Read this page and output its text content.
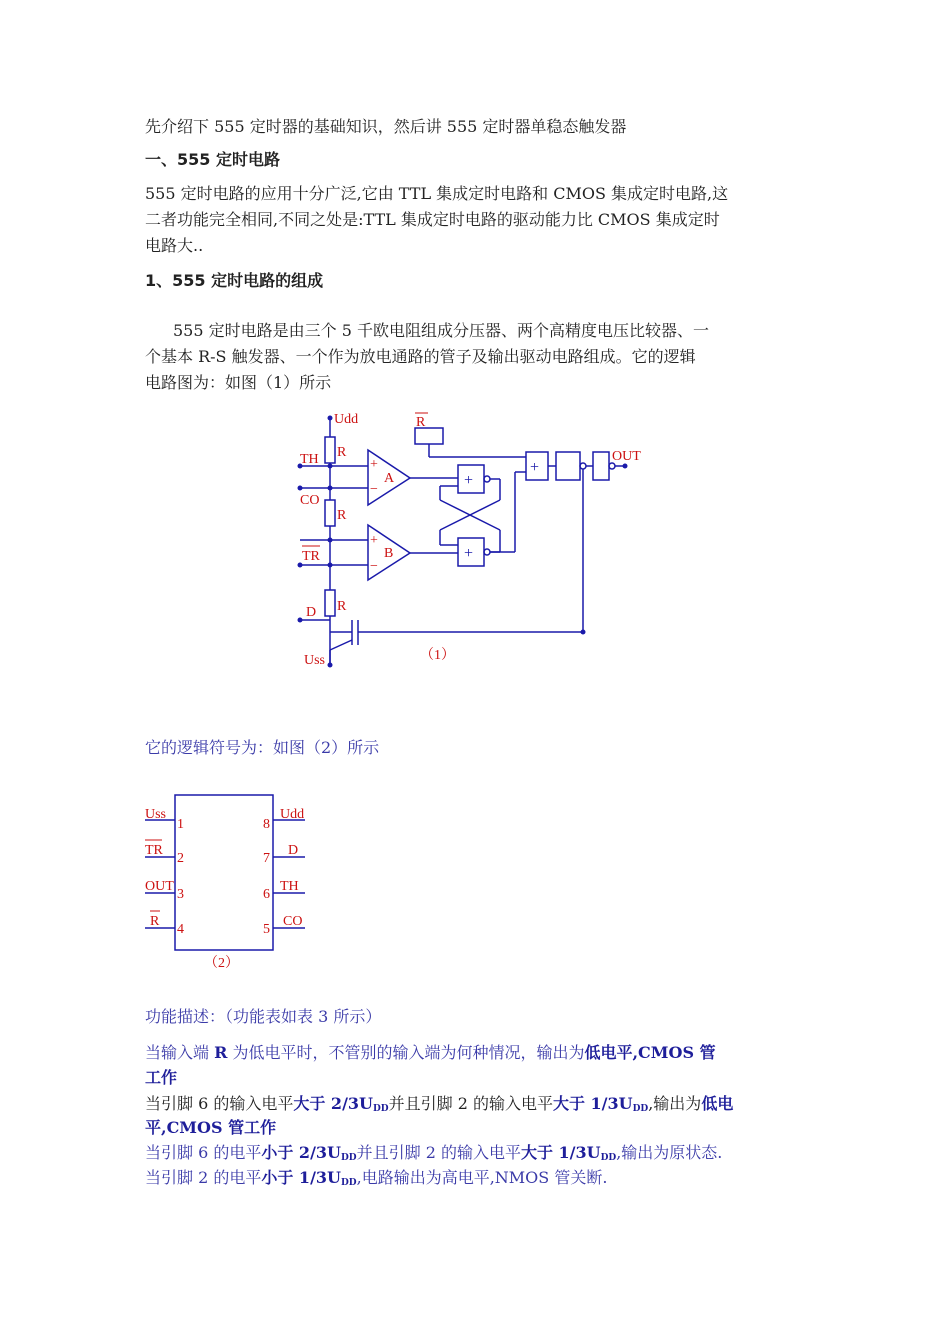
先介绍下 555 定时器的基础知识，然后讲 555 定时器单稳态触发器
一、555 定时电路
555 定时电路的应用十分广泛,它由 TTL 集成定时电路和 CMOS 集成定时电路,这
二者功能完全相同,不同之处是:TTL 集成定时电路的驱动能力比 CMOS 集成定时
电路大..
1、555 定时电路的组成
555 定时电路是由三个 5 千欧电阻组成分压器、两个高精度电压比较器、一
个基本 R-S 触发器、一个作为放电通路的管子及输出驱动电路组成。它的逻辑
电路图为：如图（1）所示
Udd	R
R
TH
CO
R
TR
R
D
Uss
OUT
A
B
+
−
+
−
（1）
+
+
+
它的逻辑符号为：如图（2）所示
Uss
TR
OUT
R
Udd
D
TH
CO
1
2
3
4
8
7
6
5
（2）
功能描述：（功能表如表 3 所示）
当输入端 R 为低电平时，不管别的输入端为何种情况，输出为低电平,CMOS 管
工作
当引脚 6 的输入电平大于 $2/3U_{DD}$并且引脚 2 的输入电平大于 $1/3U_{DD}$,输出为低电
平,CMOS 管工作
当引脚 6 的电平小于 $2/3U_{DD}$并且引脚 2 的输入电平大于 $1/3U_{DD}$,输出为原状态.
当引脚 2 的电平小于 $1/3U_{DD}$,电路输出为高电平,NMOS 管关断.
